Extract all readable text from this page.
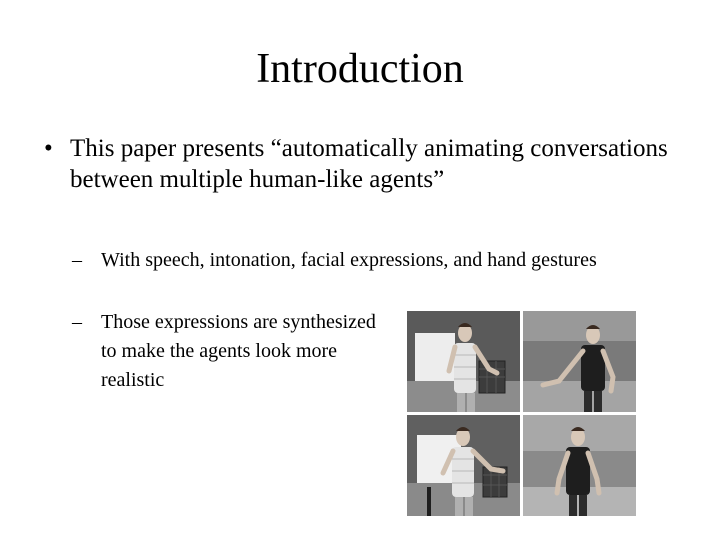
Introduction
• This paper presents “automatically animating conversations between multiple human-like agents”
– With speech, intonation, facial expressions, and hand gestures
– Those expressions are synthesized to make the agents look more realistic
